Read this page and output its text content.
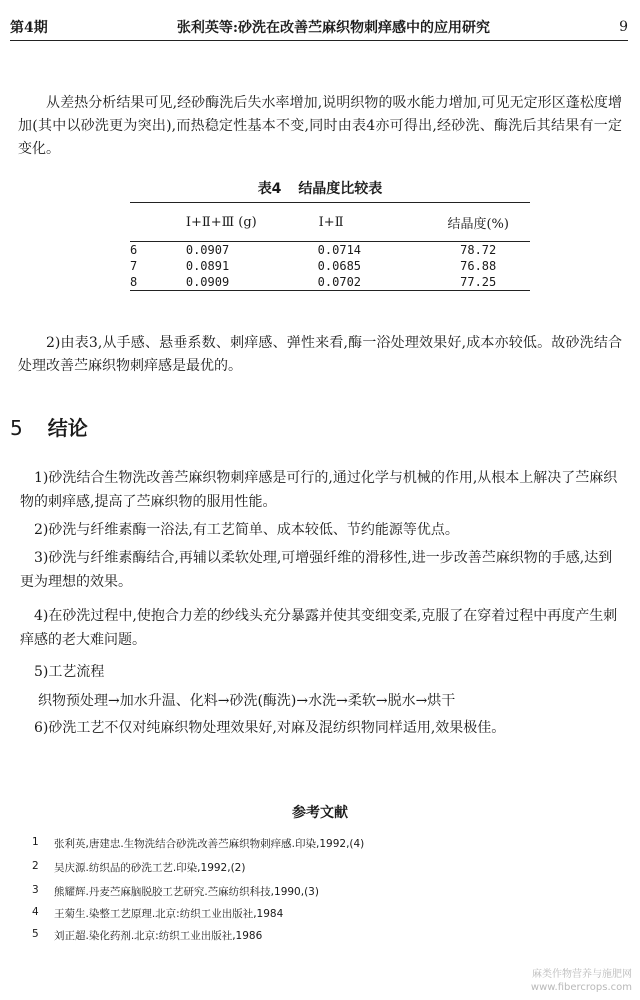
第4期	张利英等:砂洗在改善苎麻织物刺痒感中的应用研究	9

从差热分析结果可见,经砂酶洗后失水率增加,说明织物的吸水能力增加,可见无定形区蓬松度增加(其中以砂洗更为突出),而热稳定性基本不变,同时由表4亦可得出,经砂洗、酶洗后其结果有一定变化。

表4 结晶度比较表
	Ⅰ+Ⅱ+Ⅲ (g)	Ⅰ+Ⅱ	结晶度(%)
6	0.0907	0.0714	78.72
7	0.0891	0.0685	76.88
8	0.0909	0.0702	77.25

2)由表3,从手感、悬垂系数、刺痒感、弹性来看,酶一浴处理效果好,成本亦较低。故砂洗结合处理改善苎麻织物刺痒感是最优的。

5 结论

1)砂洗结合生物洗改善苎麻织物刺痒感是可行的,通过化学与机械的作用,从根本上解决了苎麻织物的刺痒感,提高了苎麻织物的服用性能。

2)砂洗与纤维素酶一浴法,有工艺简单、成本较低、节约能源等优点。

3)砂洗与纤维素酶结合,再辅以柔软处理,可增强纤维的滑移性,进一步改善苎麻织物的手感,达到更为理想的效果。

4)在砂洗过程中,使抱合力差的纱线头充分暴露并使其变细变柔,克服了在穿着过程中再度产生刺痒感的老大难问题。

5)工艺流程

织物预处理→加水升温、化料→砂洗(酶洗)→水洗→柔软→脱水→烘干

6)砂洗工艺不仅对纯麻织物处理效果好,对麻及混纺织物同样适用,效果极佳。

参考文献
1	张利英,唐建忠.生物洗结合砂洗改善苎麻织物刺痒感.印染,1992,(4)
2	吴庆源.纺织品的砂洗工艺.印染,1992,(2)
3	熊耀辉.丹麦苎麻脑脱胶工艺研究.苎麻纺织科技,1990,(3)
4	王菊生.染整工艺原理.北京:纺织工业出版社,1984
5	刘正超.染化药剂.北京:纺织工业出版社,1986
麻类作物营养与施肥网
www.fibercrops.com
